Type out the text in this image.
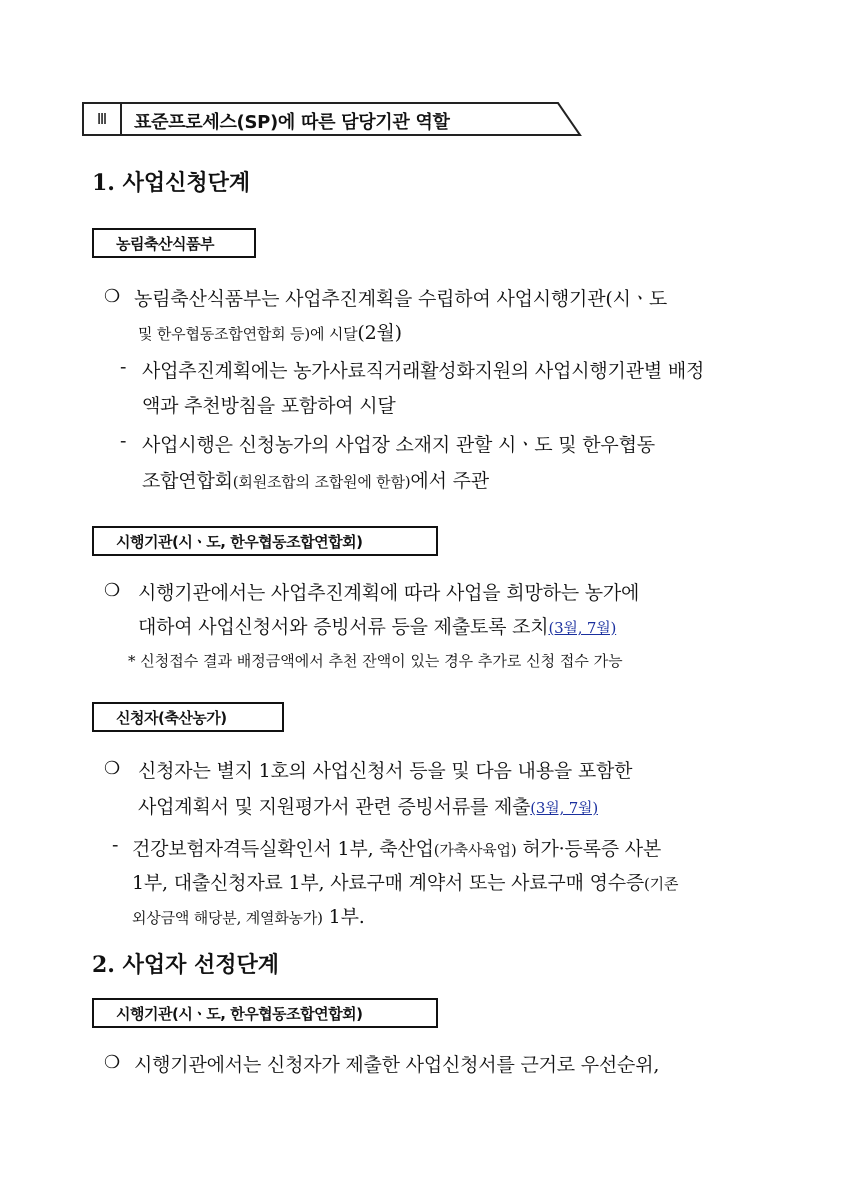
Ⅲ	표준프로세스(SP)에 따른 담당기관 역할
1. 사업신청단계
농림축산식품부
❍ 농림축산식품부는 사업추진계획을 수립하여 사업시행기관(시ㆍ도
및 한우협동조합연합회 등)에 시달(2월)
- 사업추진계획에는 농가사료직거래활성화지원의 사업시행기관별 배정
액과 추천방침을 포함하여 시달
- 사업시행은 신청농가의 사업장 소재지 관할 시ㆍ도 및 한우협동
조합연합회(회원조합의 조합원에 한함)에서 주관
시행기관(시ㆍ도, 한우협동조합연합회)
❍ 시행기관에서는 사업추진계획에 따라 사업을 희망하는 농가에
대하여 사업신청서와 증빙서류 등을 제출토록 조치(3월, 7월)
* 신청접수 결과 배정금액에서 추천 잔액이 있는 경우 추가로 신청 접수 가능
신청자(축산농가)
❍ 신청자는 별지 1호의 사업신청서 등을 및 다음 내용을 포함한
사업계획서 및 지원평가서 관련 증빙서류를 제출(3월, 7월)
- 건강보험자격득실확인서 1부, 축산업(가축사육업) 허가·등록증 사본
1부, 대출신청자료 1부, 사료구매 계약서 또는 사료구매 영수증(기존
외상금액 해당분, 계열화농가) 1부.
2. 사업자 선정단계
시행기관(시ㆍ도, 한우협동조합연합회)
❍ 시행기관에서는 신청자가 제출한 사업신청서를 근거로 우선순위,
